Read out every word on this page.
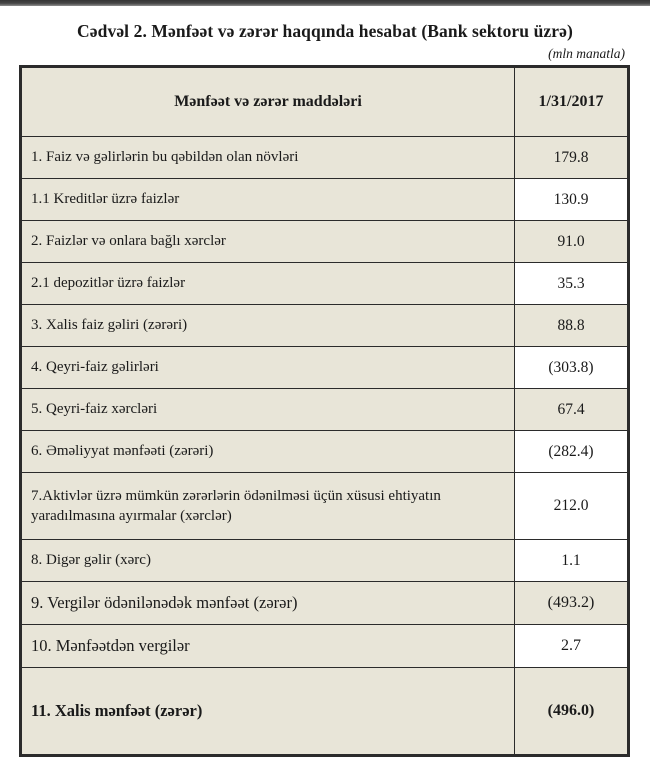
Cədvəl 2. Mənfəət və zərər haqqında hesabat (Bank sektoru üzrə)
(mln manatla)
Mənfəət və zərər maddələri	1/31/2017
1. Faiz və gəlirlərin bu qəbildən olan növləri	179.8
1.1 Kreditlər üzrə faizlər	130.9
2. Faizlər və onlara bağlı xərclər	91.0
2.1 depozitlər üzrə faizlər	35.3
3. Xalis faiz gəliri (zərəri)	88.8
4. Qeyri-faiz gəlirləri	(303.8)
5. Qeyri-faiz xərcləri	67.4
6. Əməliyyat mənfəəti (zərəri)	(282.4)
7.Aktivlər üzrə mümkün zərərlərin ödənilməsi üçün xüsusi ehtiyatın yaradılmasına ayırmalar (xərclər)	212.0
8. Digər gəlir (xərc)	1.1
9. Vergilər ödənilənədək mənfəət (zərər)	(493.2)
10. Mənfəətdən vergilər	2.7
11. Xalis mənfəət (zərər)	(496.0)
